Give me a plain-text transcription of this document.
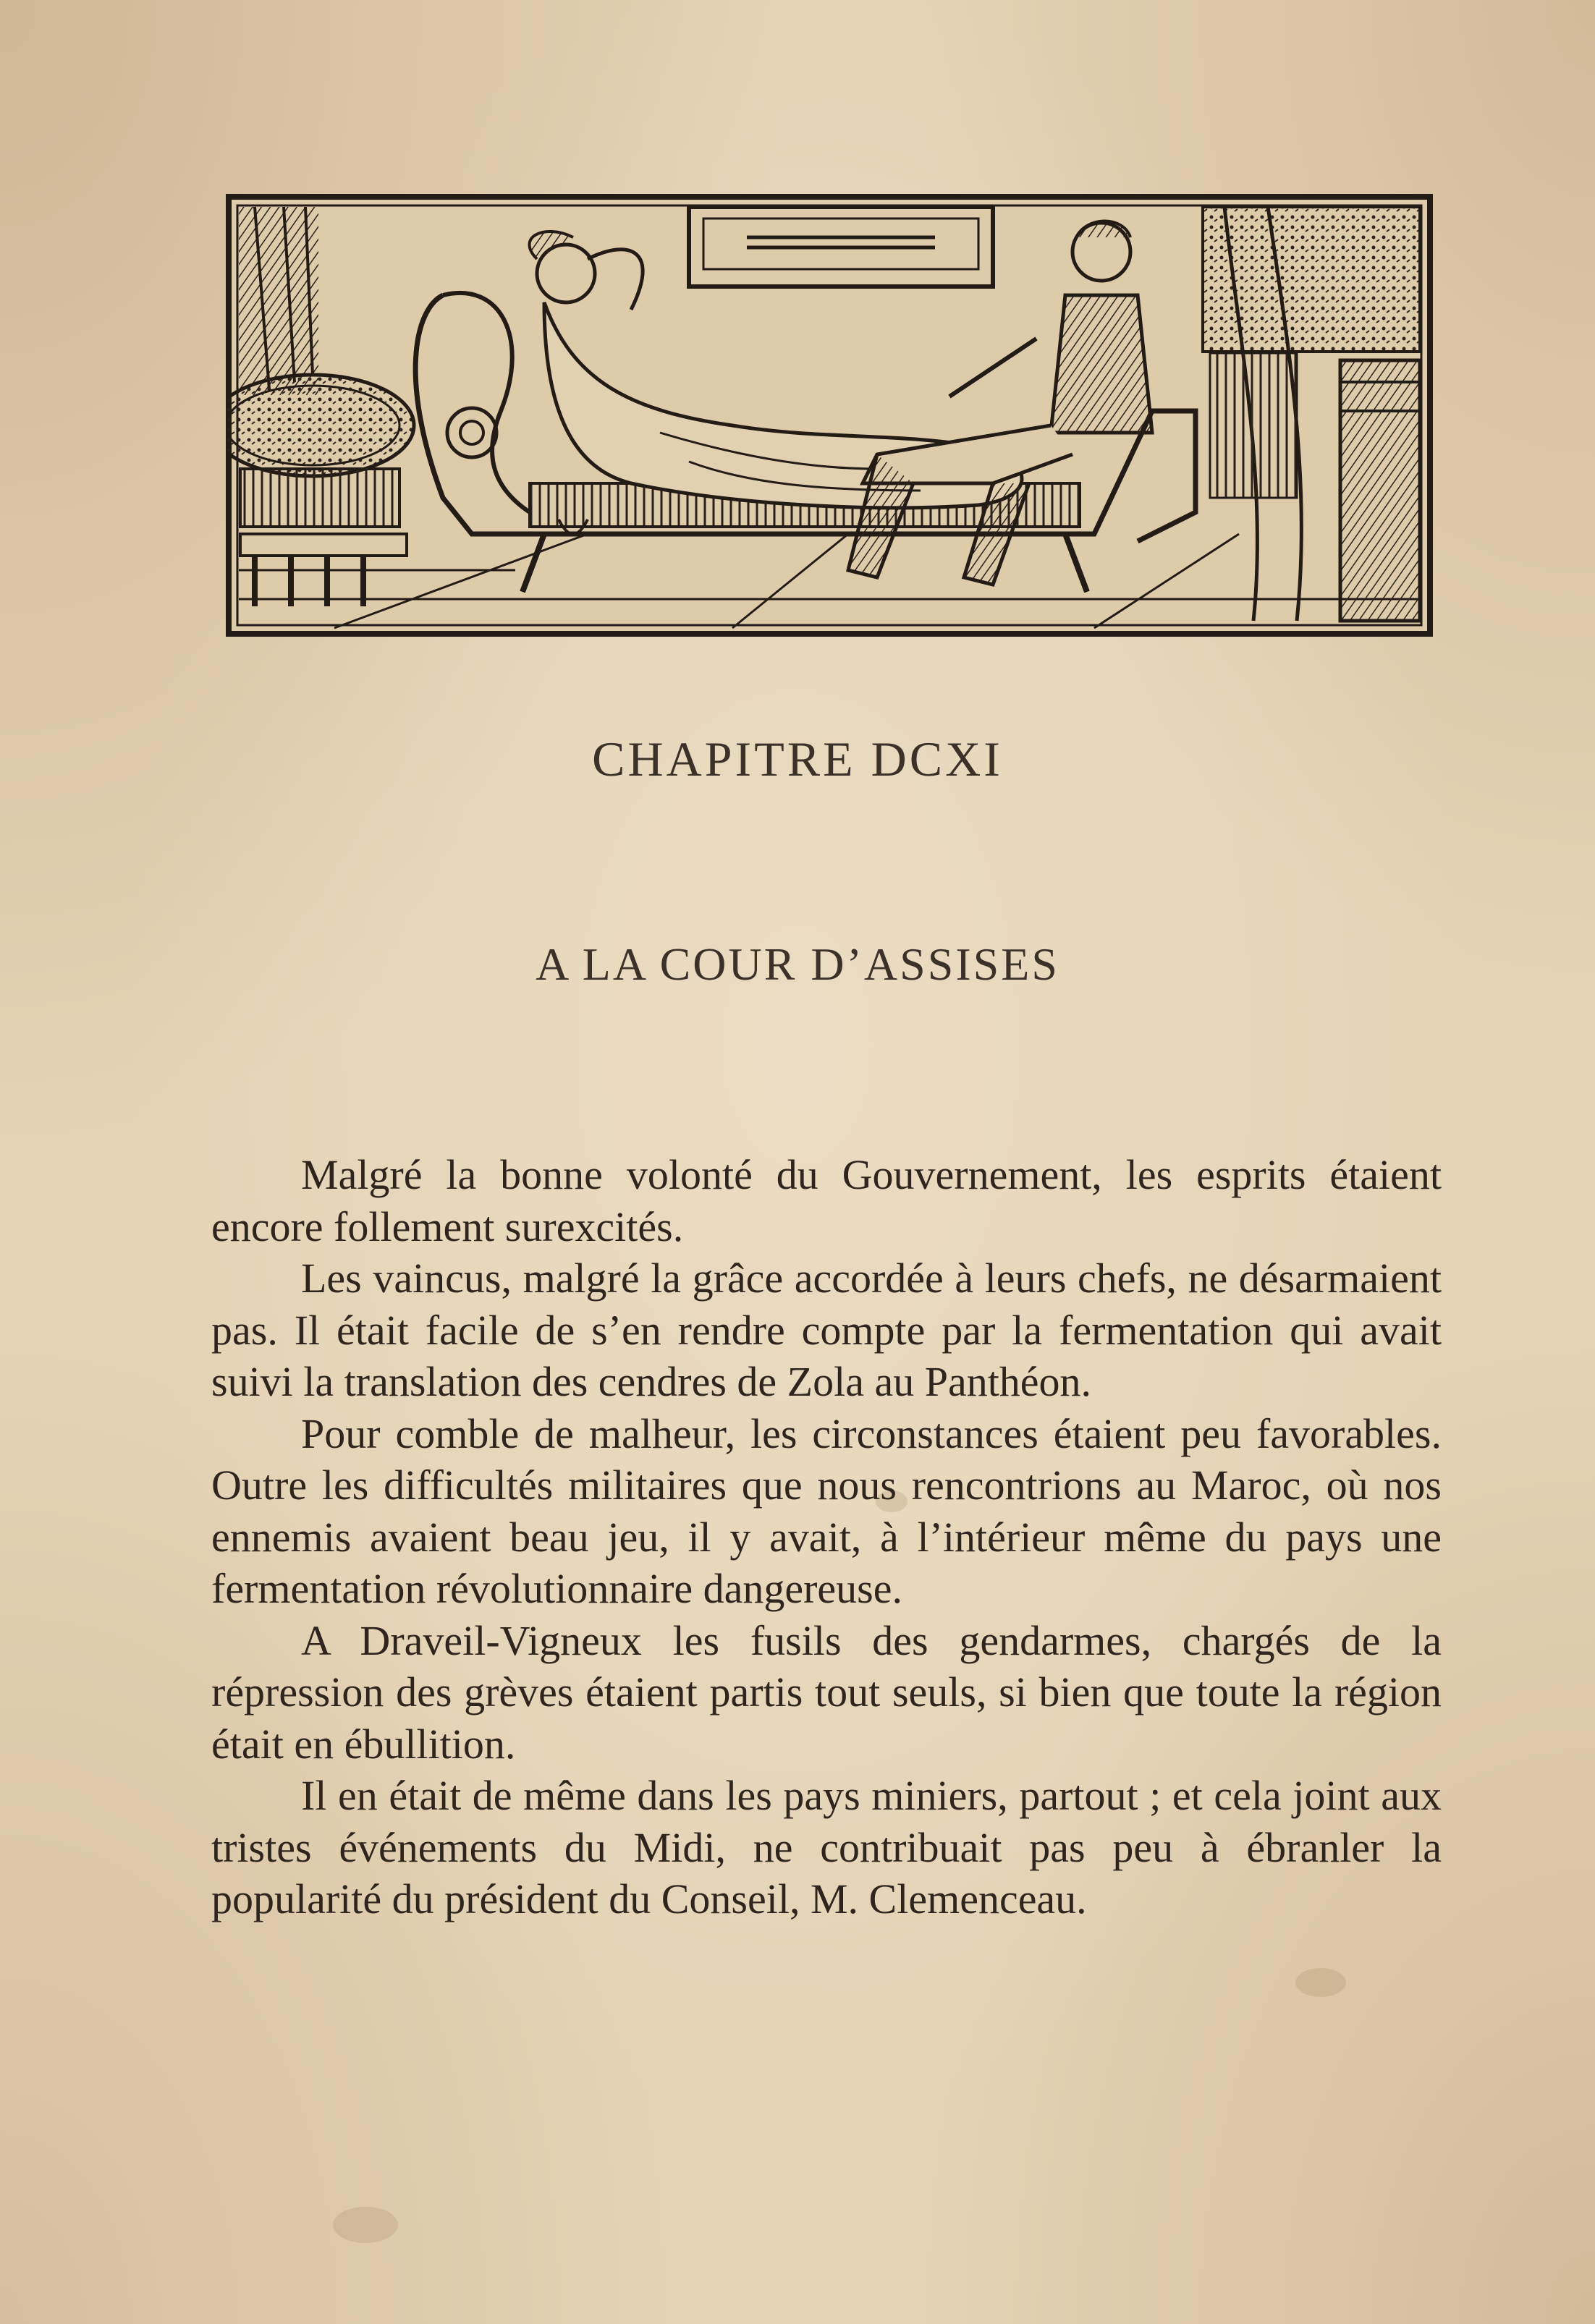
CHAPITRE DCXI
A LA COUR D’ASSISES

Malgré la bonne volonté du Gouvernement, les esprits étaient encore follement surexcités.

Les vaincus, malgré la grâce accordée à leurs chefs, ne désarmaient pas. Il était facile de s’en rendre compte par la fermentation qui avait suivi la translation des cendres de Zola au Panthéon.

Pour comble de malheur, les circonstances étaient peu favorables. Outre les difficultés militaires que nous rencontrions au Maroc, où nos ennemis avaient beau jeu, il y avait, à l’intérieur même du pays une fermentation révolutionnaire dangereuse.

A Draveil-Vigneux les fusils des gendarmes, chargés de la répression des grèves étaient partis tout seuls, si bien que toute la région était en ébullition.

Il en était de même dans les pays miniers, partout ; et cela joint aux tristes événements du Midi, ne contribuait pas peu à ébranler la popularité du président du Conseil, M. Clemenceau.
